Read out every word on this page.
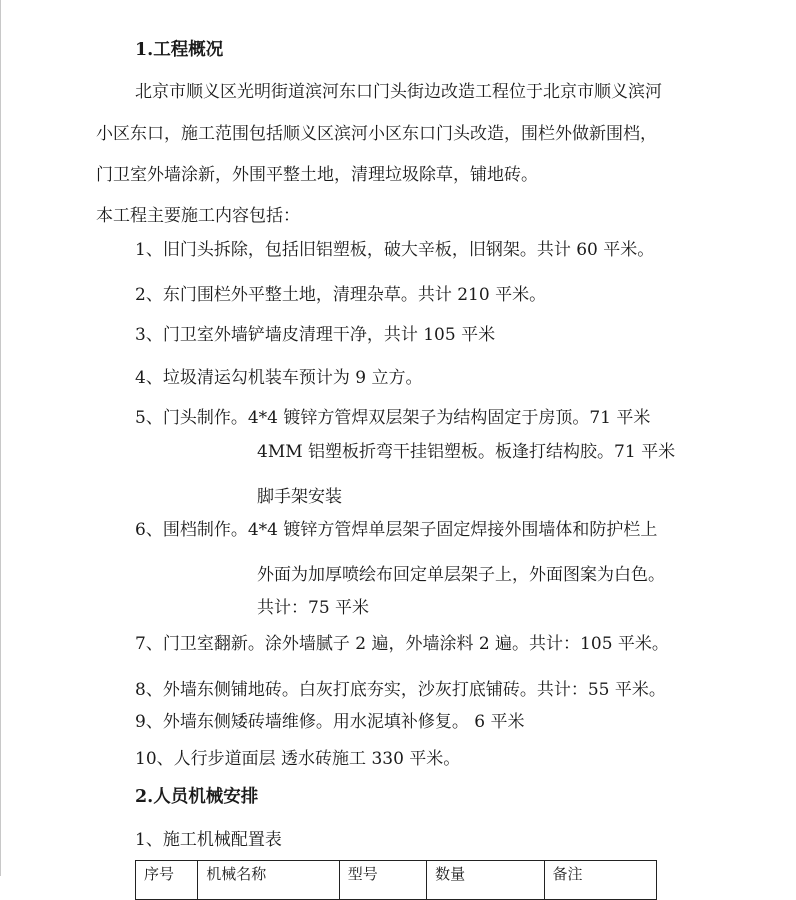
1.工程概况
北京市顺义区光明街道滨河东口门头街边改造工程位于北京市顺义滨河
小区东口，施工范围包括顺义区滨河小区东口门头改造，围栏外做新围档，
门卫室外墙涂新，外围平整土地，清理垃圾除草，铺地砖。
本工程主要施工内容包括：
1、旧门头拆除，包括旧铝塑板，破大辛板，旧钢架。共计 60 平米。
2、东门围栏外平整土地，清理杂草。共计 210 平米。
3、门卫室外墙铲墙皮清理干净，共计 105 平米
4、垃圾清运勾机装车预计为 9 立方。
5、门头制作。4*4 镀锌方管焊双层架子为结构固定于房顶。71 平米
4MM 铝塑板折弯干挂铝塑板。板逢打结构胶。71 平米
脚手架安装
6、围档制作。4*4 镀锌方管焊单层架子固定焊接外围墙体和防护栏上
外面为加厚喷绘布回定单层架子上，外面图案为白色。
共计：75 平米
7、门卫室翻新。涂外墙腻子 2 遍，外墙涂料 2 遍。共计：105 平米。
8、外墙东侧铺地砖。白灰打底夯实，沙灰打底铺砖。共计：55 平米。
9、外墙东侧矮砖墙维修。用水泥填补修复。 6 平米
10、人行步道面层 透水砖施工 330 平米。
2.人员机械安排
1、施工机械配置表
序号	机械名称	型号	数量	备注
